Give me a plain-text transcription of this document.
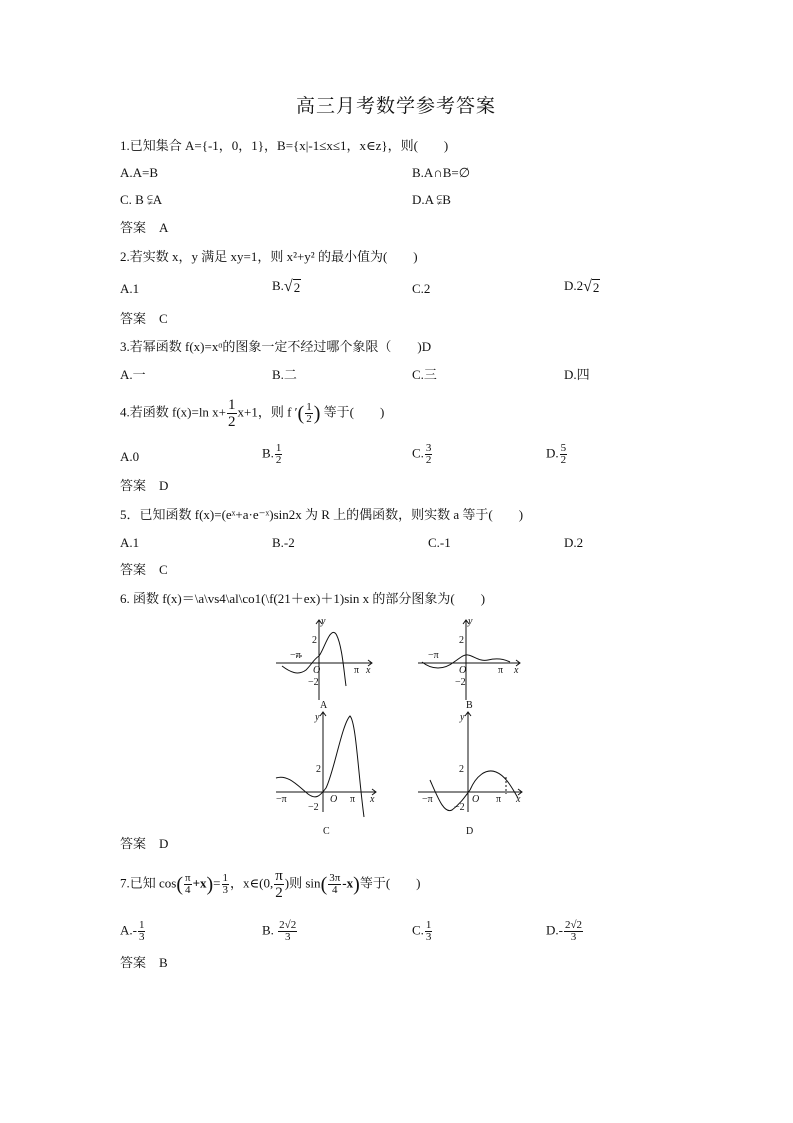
高三月考数学参考答案
1.已知集合 A={-1，0，1}，B={x|-1≤x≤1，x∈z}，则(　　)
A.A=B	B.A∩B=∅
C. B ⫋A	D.A ⫋B
答案　A
2.若实数 x，y 满足 xy=1，则 x²+y² 的最小值为(　　)
A.1	B. √ 2	C.2	D.2 √ 2
答案　C
3.若幂函数 f(x)=xᵅ的图象一定不经过哪个象限（　　)D
A.一	B.二	C.三	D.四
4.若函数 f(x)=ln $x+ \frac{1}{2} x+1$，则 f ′( $\frac{1}{2}$ ) 等于(　　)
A.0	B. $\frac{1}{2}$	C. $\frac{3}{2}$	D. $\frac{5}{2}$
答案　D
5．已知函数 f(x)=(eˣ+a·e⁻ˣ)sin2x 为 R 上的偶函数，则实数 a 等于(　　)
A.1	B.-2	C.-1	D.2
答案　C
6. 函数 f(x)＝\a\vs4\al\co1(\f(21＋ex)＋1)sin x 的部分图象为(　　)
y
x
O
2
−2
−π
π
A
y
x
O
2
−2
−π
π
B
y
x
O
2
−2
−π	π
C
y
x
O
2
−2
−π	π
D
答案　D
7.已知 $\cos( \frac{\pi}{4} +x)= \frac{1}{3}$ ，x∈(0, $\frac{\pi}{2}$ )则 $\sin( \frac{3\pi}{4} -x)$等于(　　)
$A.- \frac{1}{3}$	B. $\frac{2√2}{3}$	C. $\frac{1}{3}$	$D.- \frac{2√2}{3}$
答案　B
